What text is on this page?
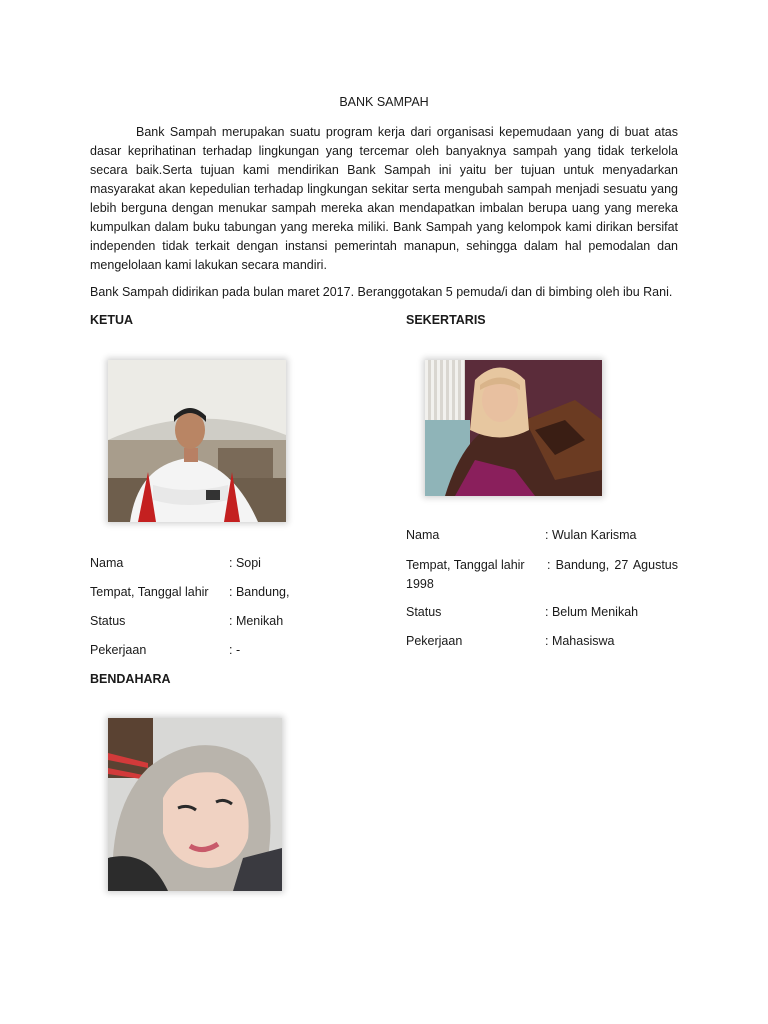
BANK SAMPAH

Bank Sampah merupakan suatu program kerja dari organisasi kepemudaan yang di buat atas dasar keprihatinan terhadap lingkungan yang tercemar oleh banyaknya sampah yang tidak terkelola secara baik.Serta tujuan kami mendirikan Bank Sampah ini yaitu ber tujuan untuk menyadarkan masyarakat akan kepedulian terhadap lingkungan sekitar serta mengubah sampah menjadi sesuatu yang lebih berguna dengan menukar sampah mereka akan mendapatkan imbalan berupa uang yang mereka kumpulkan dalam buku tabungan yang mereka miliki. Bank Sampah yang kelompok kami dirikan bersifat independen tidak terkait dengan instansi pemerintah manapun, sehingga dalam hal pemodalan dan mengelolaan kami lakukan secara mandiri.

Bank Sampah didirikan pada bulan maret 2017. Beranggotakan 5 pemuda/i dan di bimbing oleh ibu Rani.

KETUA
Nama	: Sopi
Tempat, Tanggal lahir : Bandung,
Status	: Menikah
Pekerjaan	: -
SEKERTARIS
Nama	: Wulan Karisma
Tempat, Tanggal lahir : Bandung, 27 Agustus
1998
Status	: Belum Menikah
Pekerjaan	: Mahasiswa
BENDAHARA
